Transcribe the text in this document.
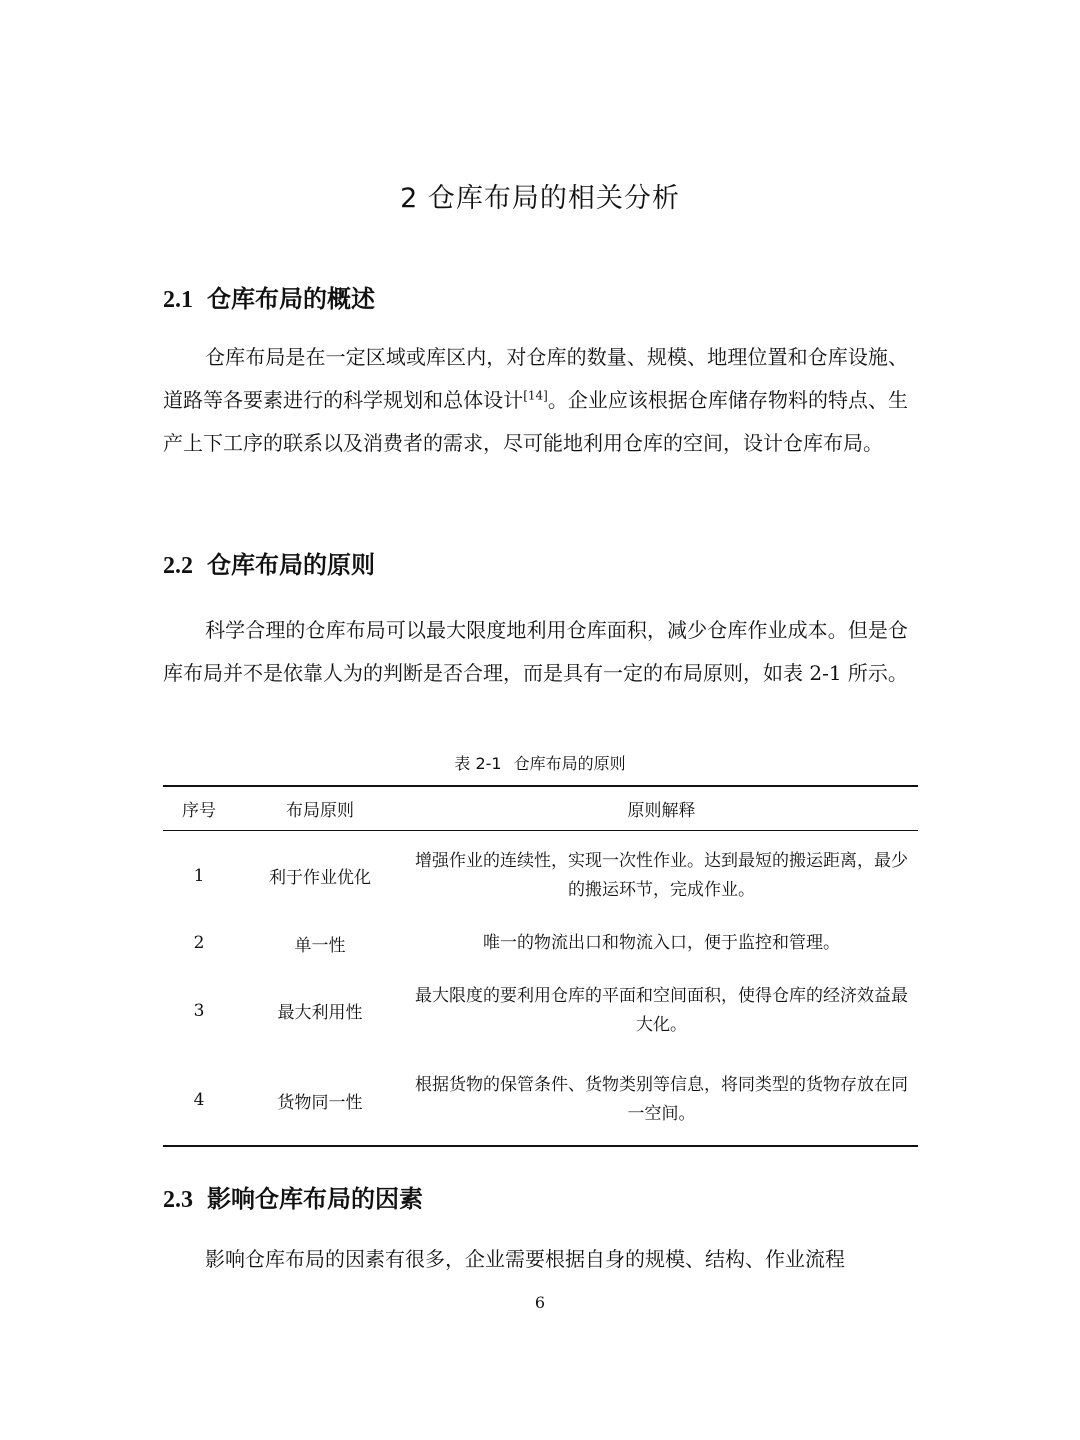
2 仓库布局的相关分析
2.1 仓库布局的概述
仓库布局是在一定区域或库区内，对仓库的数量、规模、地理位置和仓库设施、道路等各要素进行的科学规划和总体设计[14]。企业应该根据仓库储存物料的特点、生产上下工序的联系以及消费者的需求，尽可能地利用仓库的空间，设计仓库布局。
2.2 仓库布局的原则
科学合理的仓库布局可以最大限度地利用仓库面积，减少仓库作业成本。但是仓库布局并不是依靠人为的判断是否合理，而是具有一定的布局原则，如表 2-1 所示。
表 2-1 仓库布局的原则
序号	布局原则	原则解释
1	利于作业优化	增强作业的连续性，实现一次性作业。达到最短的搬运距离，最少的搬运环节，完成作业。
2	单一性	唯一的物流出口和物流入口，便于监控和管理。
3	最大利用性	最大限度的要利用仓库的平面和空间面积，使得仓库的经济效益最大化。
4	货物同一性	根据货物的保管条件、货物类别等信息，将同类型的货物存放在同一空间。
2.3 影响仓库布局的因素
影响仓库布局的因素有很多，企业需要根据自身的规模、结构、作业流程
6
